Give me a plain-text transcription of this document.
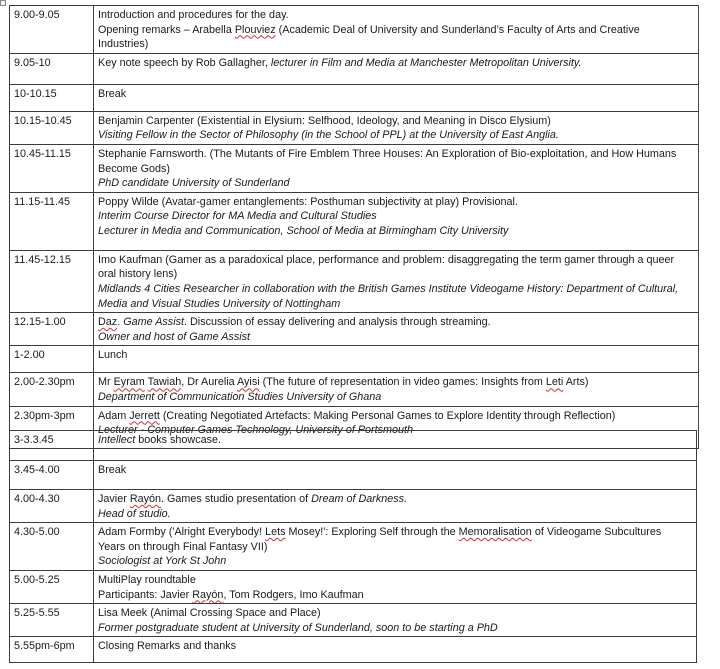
9.00-9.05	Introduction and procedures for the day.
Opening remarks – Arabella Plouviez (Academic Deal of University and Sunderland’s Faculty of Arts and Creative Industries)

9.05-10	Key note speech by Rob Gallagher, lecturer in Film and Media at Manchester Metropolitan University.

10-10.15	Break

10.15-10.45	Benjamin Carpenter (Existential in Elysium: Selfhood, Ideology, and Meaning in Disco Elysium)
Visiting Fellow in the Sector of Philosophy (in the School of PPL) at the University of East Anglia.

10.45-11.15	Stephanie Farnsworth. (The Mutants of Fire Emblem Three Houses: An Exploration of Bio-exploitation, and How Humans Become Gods)
PhD candidate University of Sunderland

11.15-11.45	Poppy Wilde (Avatar-gamer entanglements: Posthuman subjectivity at play) Provisional.
Interim Course Director for MA Media and Cultural Studies
Lecturer in Media and Communication, School of Media at Birmingham City University

11.45-12.15	Imo Kaufman (Gamer as a paradoxical place, performance and problem: disaggregating the term gamer through a queer oral history lens)
Midlands 4 Cities Researcher in collaboration with the British Games Institute Videogame History: Department of Cultural, Media and Visual Studies University of Nottingham

12.15-1.00	Daz. Game Assist. Discussion of essay delivering and analysis through streaming.
Owner and host of Game Assist

1-2.00	Lunch

2.00-2.30pm	Mr Eyram Tawiah, Dr Aurelia Ayisi (The future of representation in video games: Insights from Leti Arts)
Department of Communication Studies University of Ghana

2.30pm-3pm	Adam Jerrett (Creating Negotiated Artefacts: Making Personal Games to Explore Identity through Reflection)
Lecturer - Computer Games Technology, University of Portsmouth
3-3.3.45	Intellect books showcase.

3.45-4.00	Break

4.00-4.30	Javier Rayón. Games studio presentation of Dream of Darkness.
Head of studio.

4.30-5.00	Adam Formby ('Alright Everybody! Lets Mosey!': Exploring Self through the Memoralisation of Videogame Subcultures Years on through Final Fantasy VII)
Sociologist at York St John

5.00-5.25	MultiPlay roundtable
Participants: Javier Rayón, Tom Rodgers, Imo Kaufman

5.25-5.55	Lisa Meek (Animal Crossing Space and Place)
Former postgraduate student at University of Sunderland, soon to be starting a PhD

5.55pm-6pm	Closing Remarks and thanks
